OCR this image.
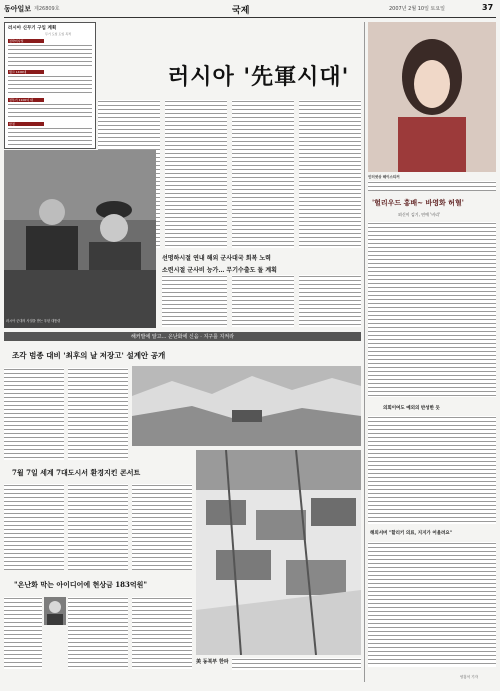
동아일보 제26809호	국제	2007년 2월 10일 토요일	37
러시아 신무기 구입 계획
무기 도입 도입 목적
전략미사일
탱크 1400대
전투기 1100여 대
함정
러시아 '先軍시대'
선명하시절 연내 해외 군사대국 회복 노력
소련시절 군사비 능가… 무기수출도 돌 계획
러시아 군대의 사열을 받는 푸틴 대통령
해커발에 알고… 온난화에 신음 · 지구를 지켜라
조각 범종 대비 '최후의 날 저장고' 설계안 공개
7월 7일 세계 7대도시서 환경지킨 콘서트
美 동북부 한파
"온난화 막는 아이디어에 현상금 183억원"
인터넷상 헤이스티커
'헐리우드 홍배~ 바영화 허혈'
외신이 김기, 연예 '비리'
의회이여도 예외의 반성한 듯
해외서버 "할리키 의료, 지지가 어울려요"
양홍석 기자
